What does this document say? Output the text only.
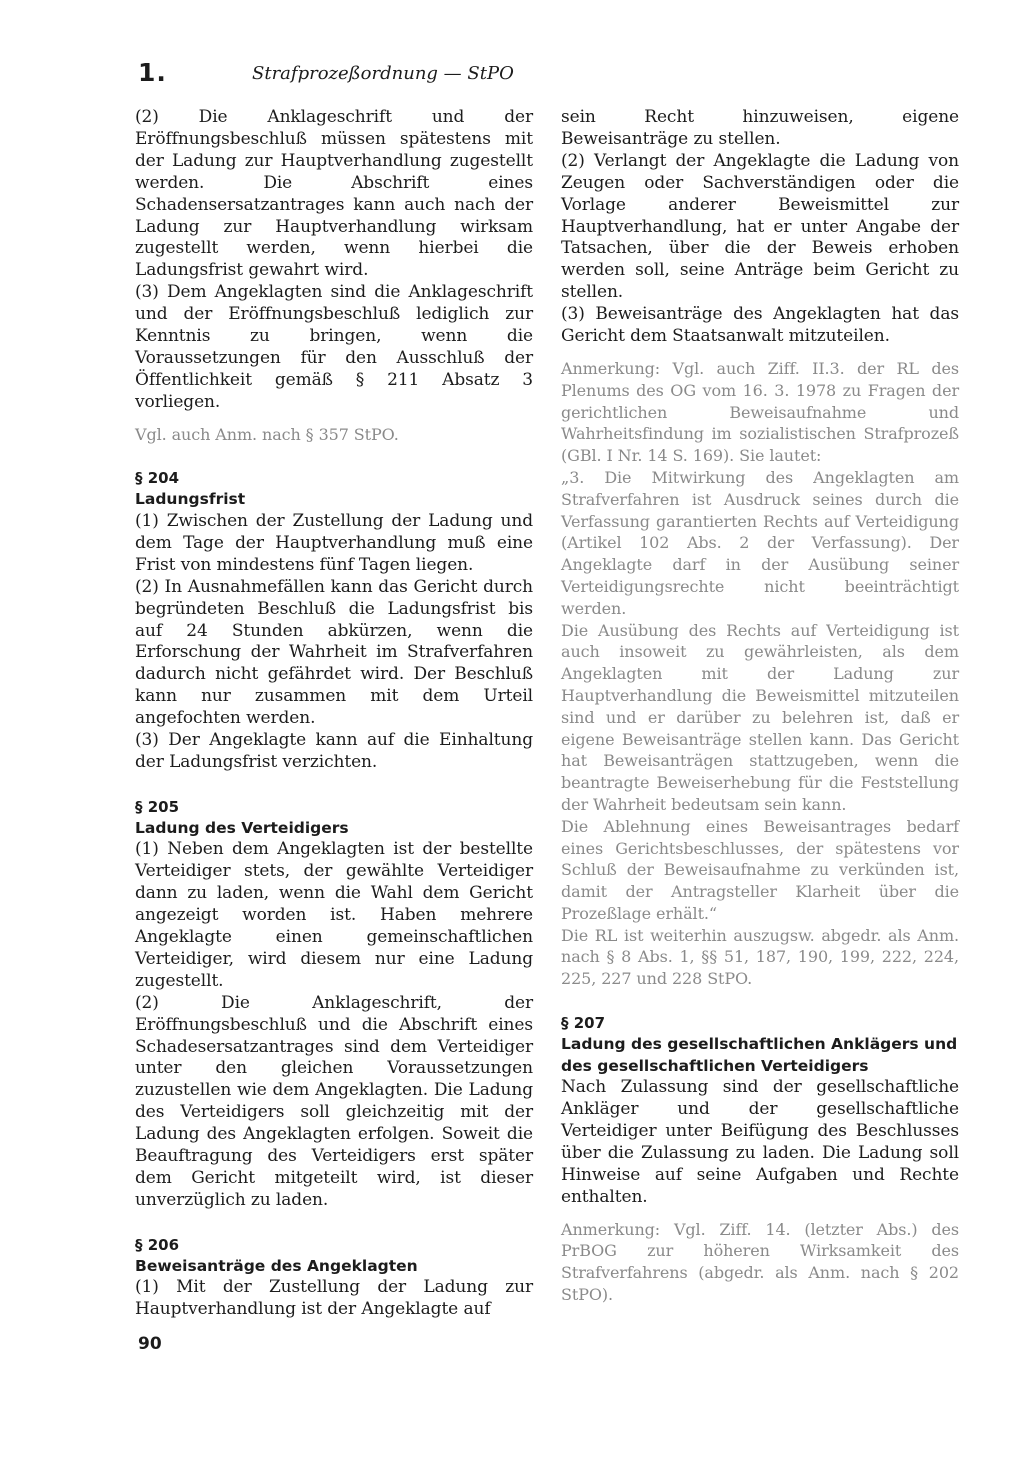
1.	Strafprozeßordnung — StPO

(2) Die Anklageschrift und der Eröffnungsbeschluß müssen spätestens mit der Ladung zur Hauptverhandlung zugestellt werden. Die Abschrift eines Schadensersatzantrages kann auch nach der Ladung zur Hauptverhandlung wirksam zugestellt werden, wenn hierbei die Ladungsfrist gewahrt wird.

(3) Dem Angeklagten sind die Anklageschrift und der Eröffnungsbeschluß lediglich zur Kenntnis zu bringen, wenn die Voraussetzungen für den Ausschluß der Öffentlichkeit gemäß § 211 Absatz 3 vorliegen.

Vgl. auch Anm. nach § 357 StPO.

§ 204

Ladungsfrist

(1) Zwischen der Zustellung der Ladung und dem Tage der Hauptverhandlung muß eine Frist von mindestens fünf Tagen liegen.

(2) In Ausnahmefällen kann das Gericht durch begründeten Beschluß die Ladungsfrist bis auf 24 Stunden abkürzen, wenn die Erforschung der Wahrheit im Strafverfahren dadurch nicht gefährdet wird. Der Beschluß kann nur zusammen mit dem Urteil angefochten werden.

(3) Der Angeklagte kann auf die Einhaltung der Ladungsfrist verzichten.

§ 205

Ladung des Verteidigers

(1) Neben dem Angeklagten ist der bestellte Verteidiger stets, der gewählte Verteidiger dann zu laden, wenn die Wahl dem Gericht angezeigt worden ist. Haben mehrere Angeklagte einen gemeinschaftlichen Verteidiger, wird diesem nur eine Ladung zugestellt.

(2) Die Anklageschrift, der Eröffnungsbeschluß und die Abschrift eines Schadesersatzantrages sind dem Verteidiger unter den gleichen Voraussetzungen zuzustellen wie dem Angeklagten. Die Ladung des Verteidigers soll gleichzeitig mit der Ladung des Angeklagten erfolgen. Soweit die Beauftragung des Verteidigers erst später dem Gericht mitgeteilt wird, ist dieser unverzüglich zu laden.

§ 206

Beweisanträge des Angeklagten

(1) Mit der Zustellung der Ladung zur Hauptverhandlung ist der Angeklagte auf

sein Recht hinzuweisen, eigene Beweisanträge zu stellen.

(2) Verlangt der Angeklagte die Ladung von Zeugen oder Sachverständigen oder die Vorlage anderer Beweismittel zur Hauptverhandlung, hat er unter Angabe der Tatsachen, über die der Beweis erhoben werden soll, seine Anträge beim Gericht zu stellen.

(3) Beweisanträge des Angeklagten hat das Gericht dem Staatsanwalt mitzuteilen.

Anmerkung: Vgl. auch Ziff. II.3. der RL des Plenums des OG vom 16. 3. 1978 zu Fragen der gerichtlichen Beweisaufnahme und Wahrheitsfindung im sozialistischen Strafprozeß (GBl. I Nr. 14 S. 169). Sie lautet:

„3. Die Mitwirkung des Angeklagten am Strafverfahren ist Ausdruck seines durch die Verfassung garantierten Rechts auf Verteidigung (Artikel 102 Abs. 2 der Verfassung). Der Angeklagte darf in der Ausübung seiner Verteidigungsrechte nicht beeinträchtigt werden.

Die Ausübung des Rechts auf Verteidigung ist auch insoweit zu gewährleisten, als dem Angeklagten mit der Ladung zur Hauptverhandlung die Beweismittel mitzuteilen sind und er darüber zu belehren ist, daß er eigene Beweisanträge stellen kann. Das Gericht hat Beweisanträgen stattzugeben, wenn die beantragte Beweiserhebung für die Feststellung der Wahrheit bedeutsam sein kann.

Die Ablehnung eines Beweisantrages bedarf eines Gerichtsbeschlusses, der spätestens vor Schluß der Beweisaufnahme zu verkünden ist, damit der Antragsteller Klarheit über die Prozeßlage erhält.“

Die RL ist weiterhin auszugsw. abgedr. als Anm. nach § 8 Abs. 1, §§ 51, 187, 190, 199, 222, 224, 225, 227 und 228 StPO.

§ 207

Ladung des gesellschaftlichen Anklägers und des gesellschaftlichen Verteidigers

Nach Zulassung sind der gesellschaftliche Ankläger und der gesellschaftliche Verteidiger unter Beifügung des Beschlusses über die Zulassung zu laden. Die Ladung soll Hinweise auf seine Aufgaben und Rechte enthalten.

Anmerkung: Vgl. Ziff. 14. (letzter Abs.) des PrBOG zur höheren Wirksamkeit des Strafverfahrens (abgedr. als Anm. nach § 202 StPO).

90
